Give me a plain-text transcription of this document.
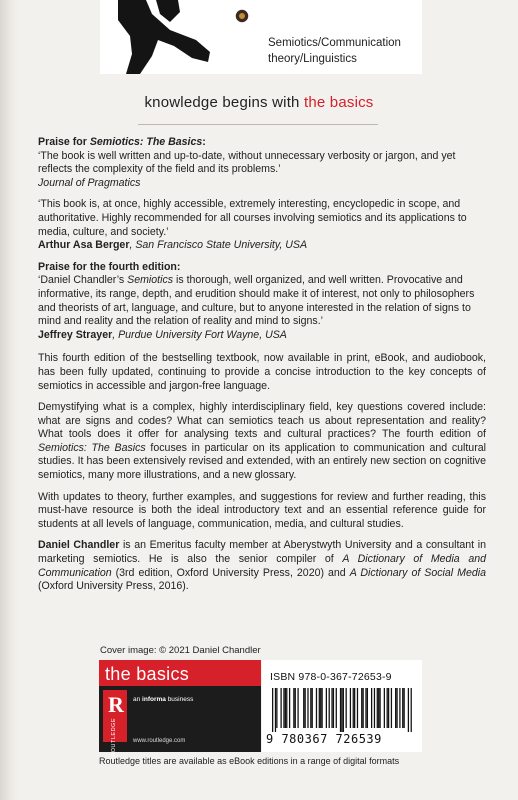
Semiotics/Communication
theory/Linguistics
knowledge begins with the basics

Praise for Semiotics: The Basics:

‘The book is well written and up-to-date, without unnecessary verbosity or jargon, and yet reflects the complexity of the field and its problems.’

Journal of Pragmatics

‘This book is, at once, highly accessible, extremely interesting, encyclopedic in scope, and authoritative. Highly recommended for all courses involving semiotics and its applications to media, culture, and society.’

Arthur Asa Berger, San Francisco State University, USA

Praise for the fourth edition:

‘Daniel Chandler’s Semiotics is thorough, well organized, and well written. Provocative and informative, its range, depth, and erudition should make it of interest, not only to philosophers and theorists of art, language, and culture, but to anyone interested in the relation of signs to mind and reality and the relation of reality and mind to signs.’

Jeffrey Strayer, Purdue University Fort Wayne, USA

This fourth edition of the bestselling textbook, now available in print, eBook, and audiobook, has been fully updated, continuing to provide a concise introduction to the key concepts of semiotics in accessible and jargon-free language.

Demystifying what is a complex, highly interdisciplinary field, key questions covered include: what are signs and codes? What can semiotics teach us about representation and reality? What tools does it offer for analysing texts and cultural practices? The fourth edition of Semiotics: The Basics focuses in particular on its application to communication and cultural studies. It has been extensively revised and extended, with an entirely new section on cognitive semiotics, many more illustrations, and a new glossary.

With updates to theory, further examples, and suggestions for review and further reading, this must-have resource is both the ideal introductory text and an essential reference guide for students at all levels of language, communication, media, and cultural studies.

Daniel Chandler is an Emeritus faculty member at Aberystwyth University and a consultant in marketing semiotics. He is also the senior compiler of A Dictionary of Media and Communication (3rd edition, Oxford University Press, 2020) and A Dictionary of Social Media (Oxford University Press, 2016).

Cover image: © 2021 Daniel Chandler
the basics
R
ROUTLEDGE
an informa business
www.routledge.com
ISBN 978-0-367-72653-9
9 780367 726539
Routledge titles are available as eBook editions in a range of digital formats
